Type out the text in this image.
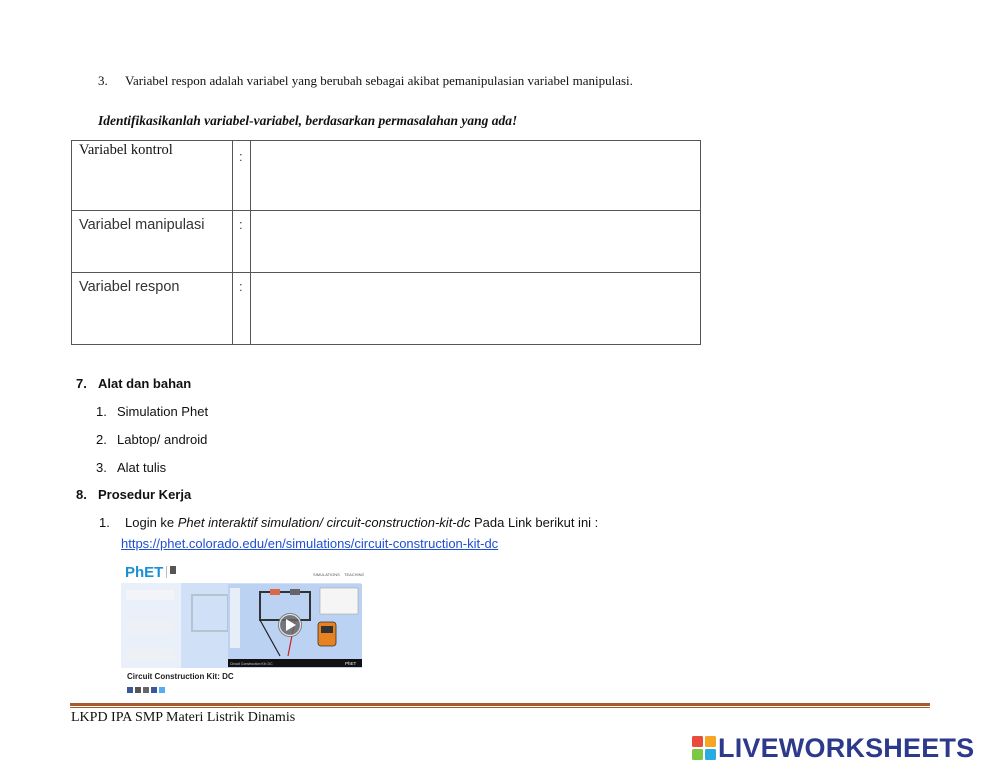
3. Variabel respon adalah variabel yang berubah sebagai akibat pemanipulasian variabel manipulasi.
Identifikasikanlah variabel-variabel, berdasarkan permasalahan yang ada!
Variabel kontrol	:	
Variabel manipulasi	:	
Variabel respon	:	
7. Alat dan bahan
1. Simulation Phet
2. Labtop/ android
3. Alat tulis
8. Prosedur Kerja
1. Login ke Phet interaktif simulation/ circuit-construction-kit-dc Pada Link berikut ini :
https://phet.colorado.edu/en/simulations/circuit-construction-kit-dc
PhET	SIMULATIONS TEACHING
Circuit Construction Kit: DC	PhET
Circuit Construction Kit: DC
LKPD IPA SMP Materi Listrik Dinamis
LIVEWORKSHEETS
